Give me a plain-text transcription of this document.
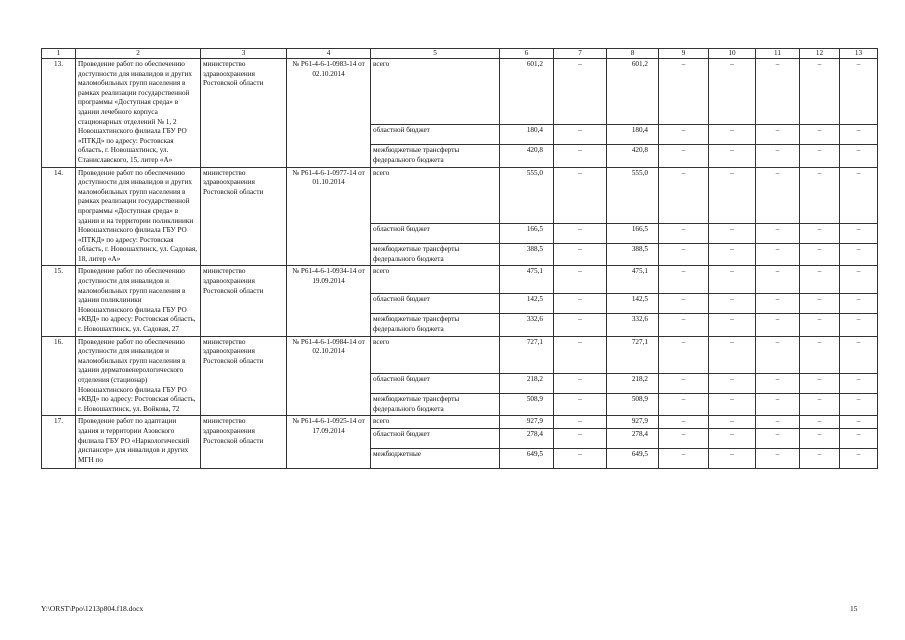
1	2	3	4	5	6	7	8	9	10	11	12	13
13.	Проведение работ по обеспечению доступности для инвалидов и других маломобильных групп населения в рамках реализации государственной программы «Доступная среда» в здании лечебного корпуса стационарных отделений № 1, 2 Новошахтинского филиала ГБУ РО «ПТКД» по адресу: Ростовская область, г. Новошахтинск, ул. Станиславского, 15, литер «А»	министерство здравоохранения Ростовской области	№ Р61-4-6-1-0983-14 от 02.10.2014	всего	601,2	–	601,2	–	–	–	–	–
				областной бюджет	180,4	–	180,4	–	–	–	–	–
				межбюджетные трансферты федерального бюджета	420,8	–	420,8	–	–	–	–	–
14.	Проведение работ по обеспечению доступности для инвалидов и других маломобильных групп населения в рамках реализации государственной программы «Доступная среда» в здании и на территории поликлиники Новошахтинского филиала ГБУ РО «ПТКД» по адресу: Ростовская область, г. Новошахтинск, ул. Садовая, 18, литер «А»	министерство здравоохранения Ростовской области	№ Р61-4-6-1-0977-14 от 01.10.2014	всего	555,0	–	555,0	–	–	–	–	–
				областной бюджет	166,5	–	166,5	–	–	–	–	–
				межбюджетные трансферты федерального бюджета	388,5	–	388,5	–	–	–	–	–
15.	Проведение работ по обеспечению доступности для инвалидов и маломобильных групп населения в здании поликлиники Новошахтинского филиала ГБУ РО «КВД» по адресу: Ростовская область, г. Новошахтинск, ул. Садовая, 27	министерство здравоохранения Ростовской области	№ Р61-4-6-1-0934-14 от 19.09.2014	всего	475,1	–	475,1	–	–	–	–	–
				областной бюджет	142,5	–	142,5	–	–	–	–	–
				межбюджетные трансферты федерального бюджета	332,6	–	332,6	–	–	–	–	–
16.	Проведение работ по обеспечению доступности для инвалидов и маломобильных групп населения в здании дерматовенерологического отделения (стационар) Новошахтинского филиала ГБУ РО «КВД» по адресу: Ростовская область, г. Новошахтинск, ул. Войкова, 72	министерство здравоохранения Ростовской области	№ Р61-4-6-1-0984-14 от 02.10.2014	всего	727,1	–	727,1	–	–	–	–	–
				областной бюджет	218,2	–	218,2	–	–	–	–	–
				межбюджетные трансферты федерального бюджета	508,9	–	508,9	–	–	–	–	–
17.	Проведение работ по адаптации здания и территории Азовского филиала ГБУ РО «Наркологический диспансер» для инвалидов и других МГН по	министерство здравоохранения Ростовской области	№ Р61-4-6-1-0925-14 от 17.09.2014	всего	927,9	–	927,9	–	–	–	–	–
				областной бюджет	278,4	–	278,4	–	–	–	–	–
				межбюджетные	649,5	–	649,5	–	–	–	–	–
Y:\ORST\Ppo\1213p804.f18.docx	15
